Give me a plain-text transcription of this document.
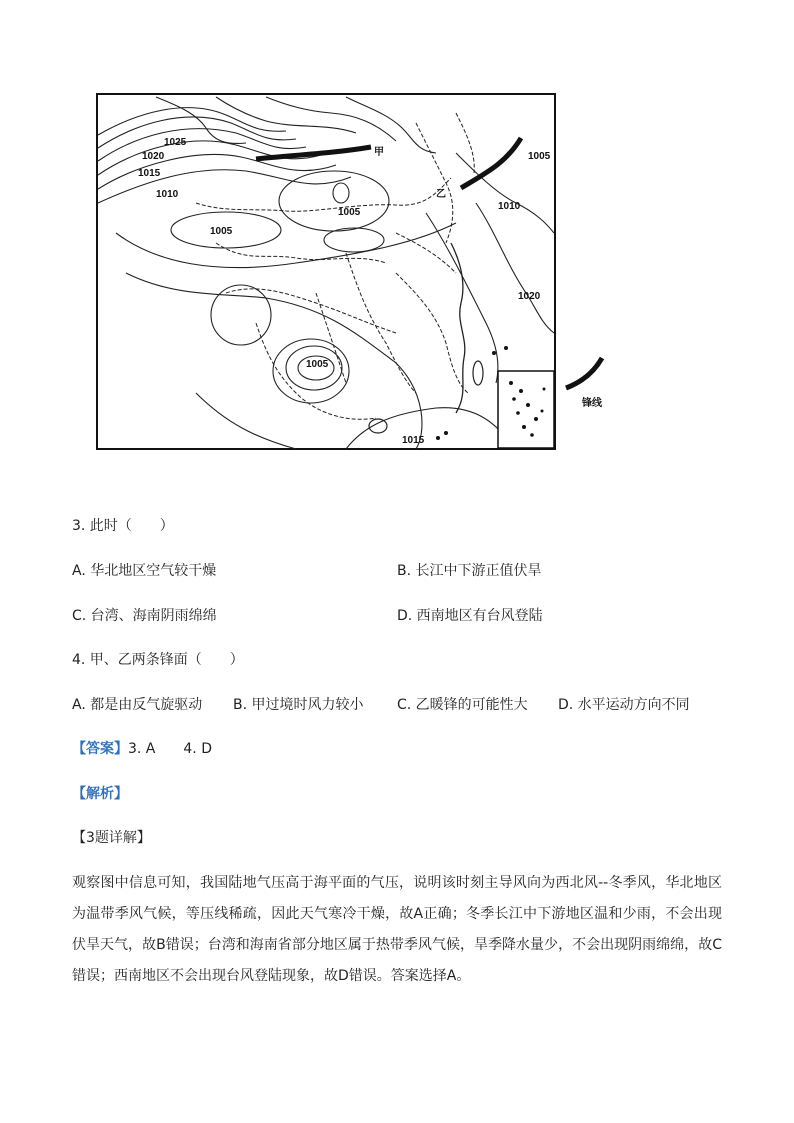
1025
1020
1015
1010
1005
1005
1005
1005
1010
1020
1015
甲
乙
锋线
3. 此时（　　）
A. 华北地区空气较干燥	B. 长江中下游正值伏旱
C. 台湾、海南阴雨绵绵	D. 西南地区有台风登陆
4. 甲、乙两条锋面（　　）
A. 都是由反气旋驱动 B. 甲过境时风力较小 C. 乙暖锋的可能性大 D. 水平运动方向不同
【答案】3. A　　4. D
【解析】
【3题详解】
观察图中信息可知，我国陆地气压高于海平面的气压，说明该时刻主导风向为西北风--冬季风，华北地区为温带季风气候，等压线稀疏，因此天气寒冷干燥，故A正确；冬季长江中下游地区温和少雨，不会出现伏旱天气，故B错误；台湾和海南省部分地区属于热带季风气候，旱季降水量少，不会出现阴雨绵绵，故C错误；西南地区不会出现台风登陆现象，故D错误。答案选择A。
